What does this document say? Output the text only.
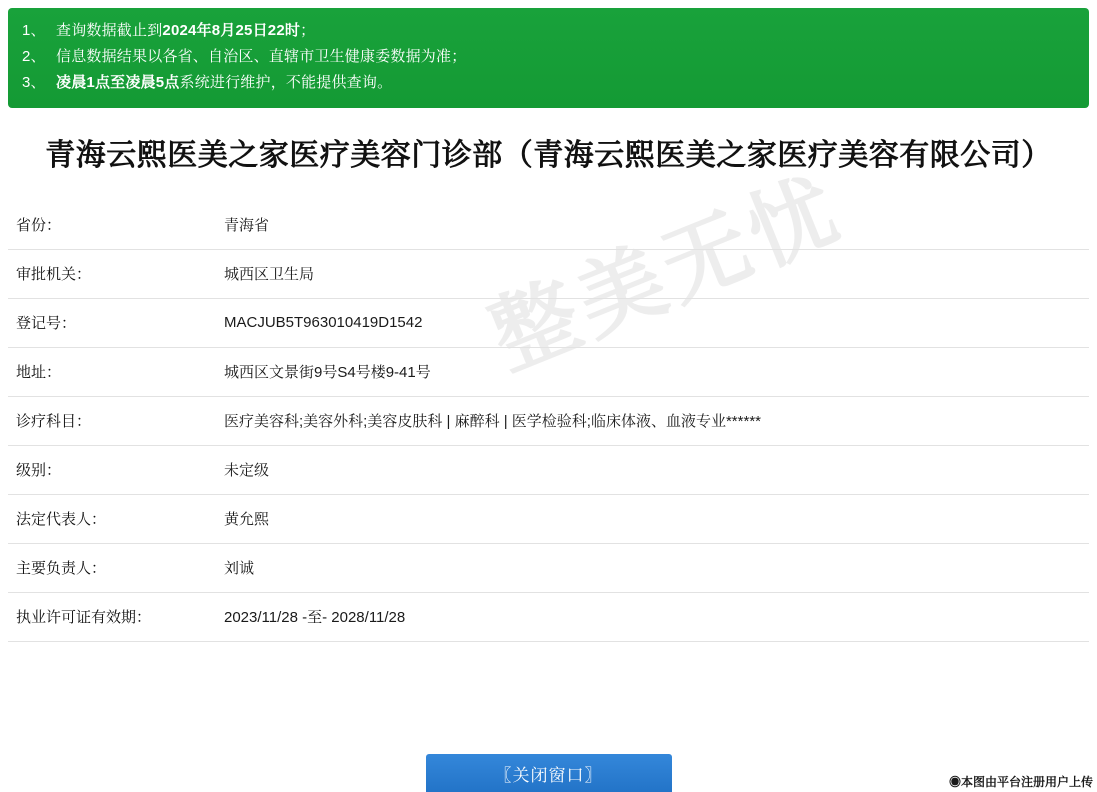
1、 查询数据截止到2024年8月25日22时；
2、 信息数据结果以各省、自治区、直辖市卫生健康委数据为准；
3、 凌晨1点至凌晨5点系统进行维护，不能提供查询。
青海云熙医美之家医疗美容门诊部（青海云熙医美之家医疗美容有限公司）
整美无忧
省份：	青海省
审批机关：	城西区卫生局
登记号：	MACJUB5T963010419D1542
地址：	城西区文景街9号S4号楼9-41号
诊疗科目：	医疗美容科;美容外科;美容皮肤科 | 麻醉科 | 医学检验科;临床体液、血液专业******
级别：	未定级
法定代表人：	黄允熙
主要负责人：	刘诚
执业许可证有效期：	2023/11/28 -至- 2028/11/28
〖关闭窗口〗	◉本图由平台注册用户上传
